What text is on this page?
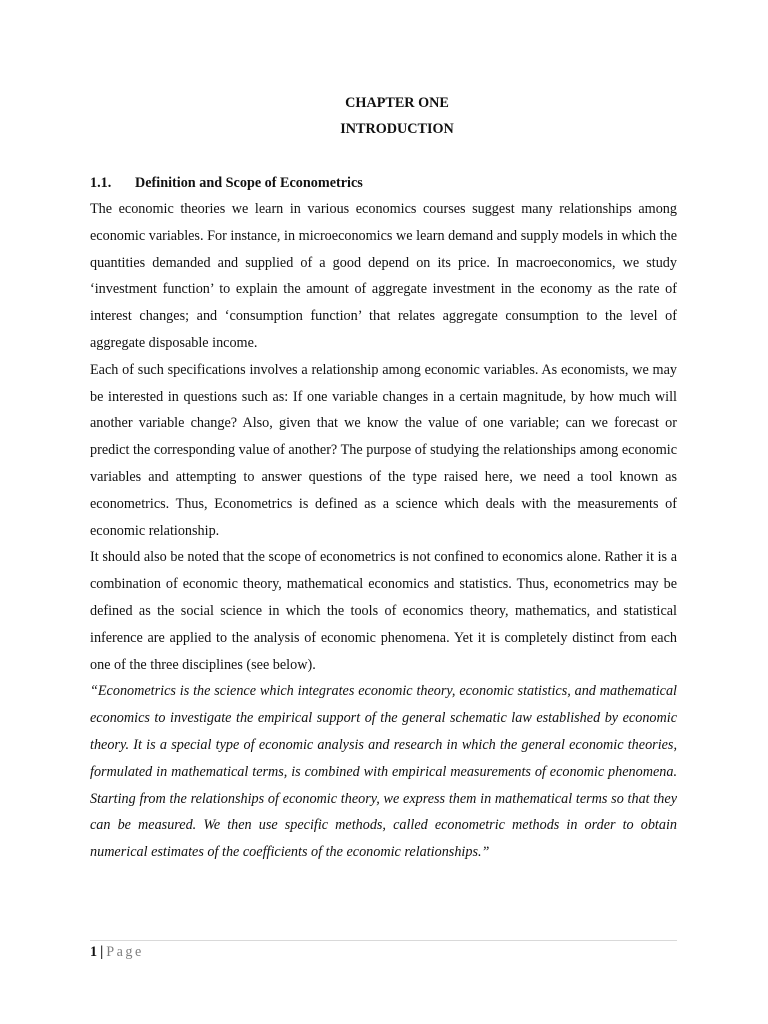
CHAPTER ONE
INTRODUCTION
1.1. Definition and Scope of Econometrics

The economic theories we learn in various economics courses suggest many relationships among economic variables. For instance, in microeconomics we learn demand and supply models in which the quantities demanded and supplied of a good depend on its price. In macroeconomics, we study ‘investment function’ to explain the amount of aggregate investment in the economy as the rate of interest changes; and ‘consumption function’ that relates aggregate consumption to the level of aggregate disposable income.

Each of such specifications involves a relationship among economic variables. As economists, we may be interested in questions such as: If one variable changes in a certain magnitude, by how much will another variable change? Also, given that we know the value of one variable; can we forecast or predict the corresponding value of another? The purpose of studying the relationships among economic variables and attempting to answer questions of the type raised here, we need a tool known as econometrics. Thus, Econometrics is defined as a science which deals with the measurements of economic relationship.

It should also be noted that the scope of econometrics is not confined to economics alone. Rather it is a combination of economic theory, mathematical economics and statistics. Thus, econometrics may be defined as the social science in which the tools of economics theory, mathematics, and statistical inference are applied to the analysis of economic phenomena. Yet it is completely distinct from each one of the three disciplines (see below).

“Econometrics is the science which integrates economic theory, economic statistics, and mathematical economics to investigate the empirical support of the general schematic law established by economic theory. It is a special type of economic analysis and research in which the general economic theories, formulated in mathematical terms, is combined with empirical measurements of economic phenomena. Starting from the relationships of economic theory, we express them in mathematical terms so that they can be measured. We then use specific methods, called econometric methods in order to obtain numerical estimates of the coefficients of the economic relationships.”

1 | Page
